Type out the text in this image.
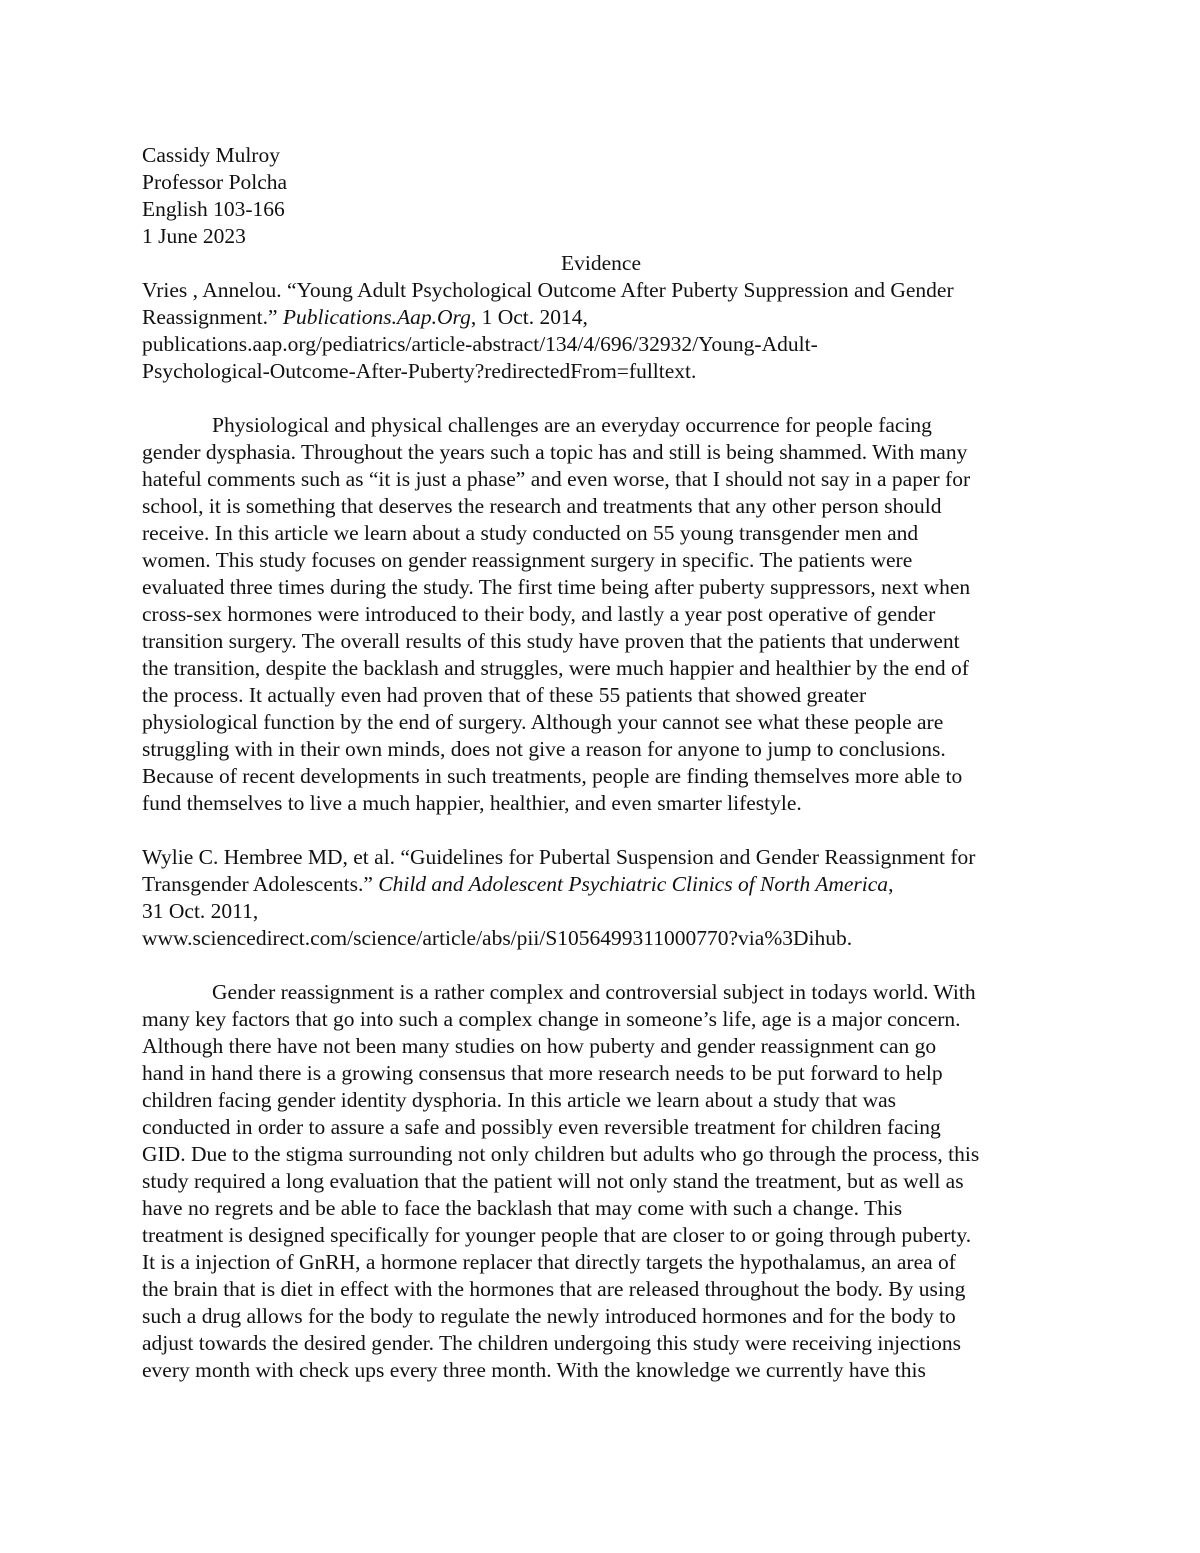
Cassidy Mulroy

Professor Polcha

English 103-166

1 June 2023

Evidence

Vries , Annelou. “Young Adult Psychological Outcome After Puberty Suppression and Gender
Reassignment.” Publications.Aap.Org, 1 Oct. 2014,
publications.aap.org/pediatrics/article-abstract/134/4/696/32932/Young-Adult-
Psychological-Outcome-After-Puberty?redirectedFrom=fulltext.
Physiological and physical challenges are an everyday occurrence for people facing
gender dysphasia. Throughout the years such a topic has and still is being shammed. With many
hateful comments such as “it is just a phase” and even worse, that I should not say in a paper for
school, it is something that deserves the research and treatments that any other person should
receive. In this article we learn about a study conducted on 55 young transgender men and
women. This study focuses on gender reassignment surgery in specific. The patients were
evaluated three times during the study. The first time being after puberty suppressors, next when
cross-sex hormones were introduced to their body, and lastly a year post operative of gender
transition surgery. The overall results of this study have proven that the patients that underwent
the transition, despite the backlash and struggles, were much happier and healthier by the end of
the process. It actually even had proven that of these 55 patients that showed greater
physiological function by the end of surgery. Although your cannot see what these people are
struggling with in their own minds, does not give a reason for anyone to jump to conclusions.
Because of recent developments in such treatments, people are finding themselves more able to
fund themselves to live a much happier, healthier, and even smarter lifestyle.
Wylie C. Hembree MD, et al. “Guidelines for Pubertal Suspension and Gender Reassignment for
Transgender Adolescents.” Child and Adolescent Psychiatric Clinics of North America,
31 Oct. 2011,
www.sciencedirect.com/science/article/abs/pii/S1056499311000770?via%3Dihub.
Gender reassignment is a rather complex and controversial subject in todays world. With
many key factors that go into such a complex change in someone’s life, age is a major concern.
Although there have not been many studies on how puberty and gender reassignment can go
hand in hand there is a growing consensus that more research needs to be put forward to help
children facing gender identity dysphoria. In this article we learn about a study that was
conducted in order to assure a safe and possibly even reversible treatment for children facing
GID. Due to the stigma surrounding not only children but adults who go through the process, this
study required a long evaluation that the patient will not only stand the treatment, but as well as
have no regrets and be able to face the backlash that may come with such a change. This
treatment is designed specifically for younger people that are closer to or going through puberty.
It is a injection of GnRH, a hormone replacer that directly targets the hypothalamus, an area of
the brain that is diet in effect with the hormones that are released throughout the body. By using
such a drug allows for the body to regulate the newly introduced hormones and for the body to
adjust towards the desired gender. The children undergoing this study were receiving injections
every month with check ups every three month. With the knowledge we currently have this
